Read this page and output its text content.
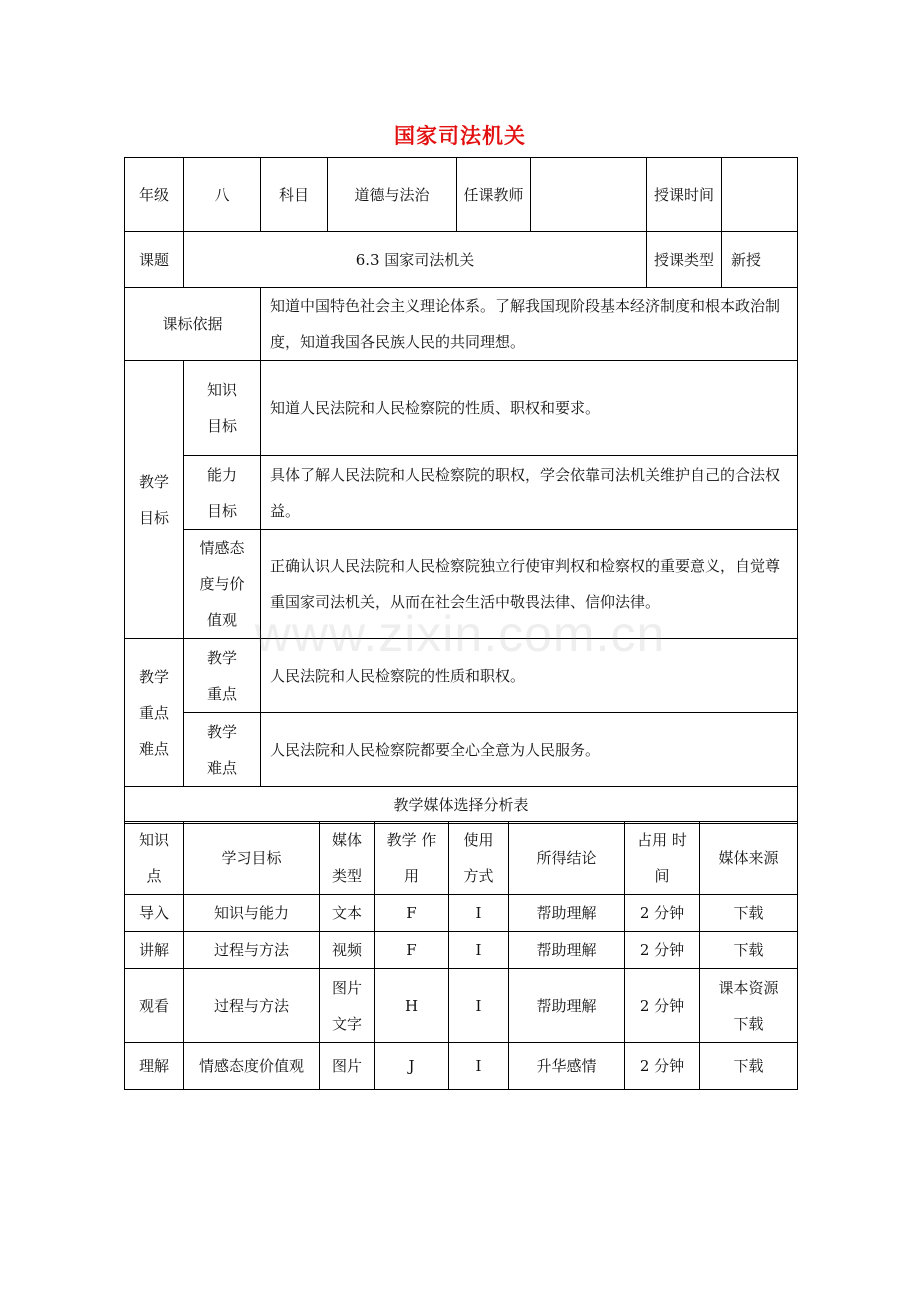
国家司法机关
年级	八	科目	道德与法治	任课教师		授课时间	
课题	6.3 国家司法机关					授课类型	新授
课标依据		知道中国特色社会主义理论体系。了解我国现阶段基本经济制度和根本政治制度，知道我国各民族人民的共同理想。					
教学目标	知识目标	知道人民法院和人民检察院的性质、职权和要求。					
	能力目标	具体了解人民法院和人民检察院的职权，学会依靠司法机关维护自己的合法权益。					
	情感态度与价值观	正确认识人民法院和人民检察院独立行使审判权和检察权的重要意义，自觉尊重国家司法机关，从而在社会生活中敬畏法律、信仰法律。					
教学重点难点	教学重点	人民法院和人民检察院的性质和职权。					
	教学难点	人民法院和人民检察院都要全心全意为人民服务。					
教学媒体选择分析表							
知识点	学习目标	媒体类型	教学 作用	使用方式	所得结论	占用 时间	媒体来源
导入	知识与能力	文本	F	I	帮助理解	2 分钟	下载
讲解	过程与方法	视频	F	I	帮助理解	2 分钟	下载
观看	过程与方法	图片文字	H	I	帮助理解	2 分钟	课本资源下载
理解	情感态度价值观	图片	J	I	升华感情	2 分钟	下载
www.zixin.com.cn
